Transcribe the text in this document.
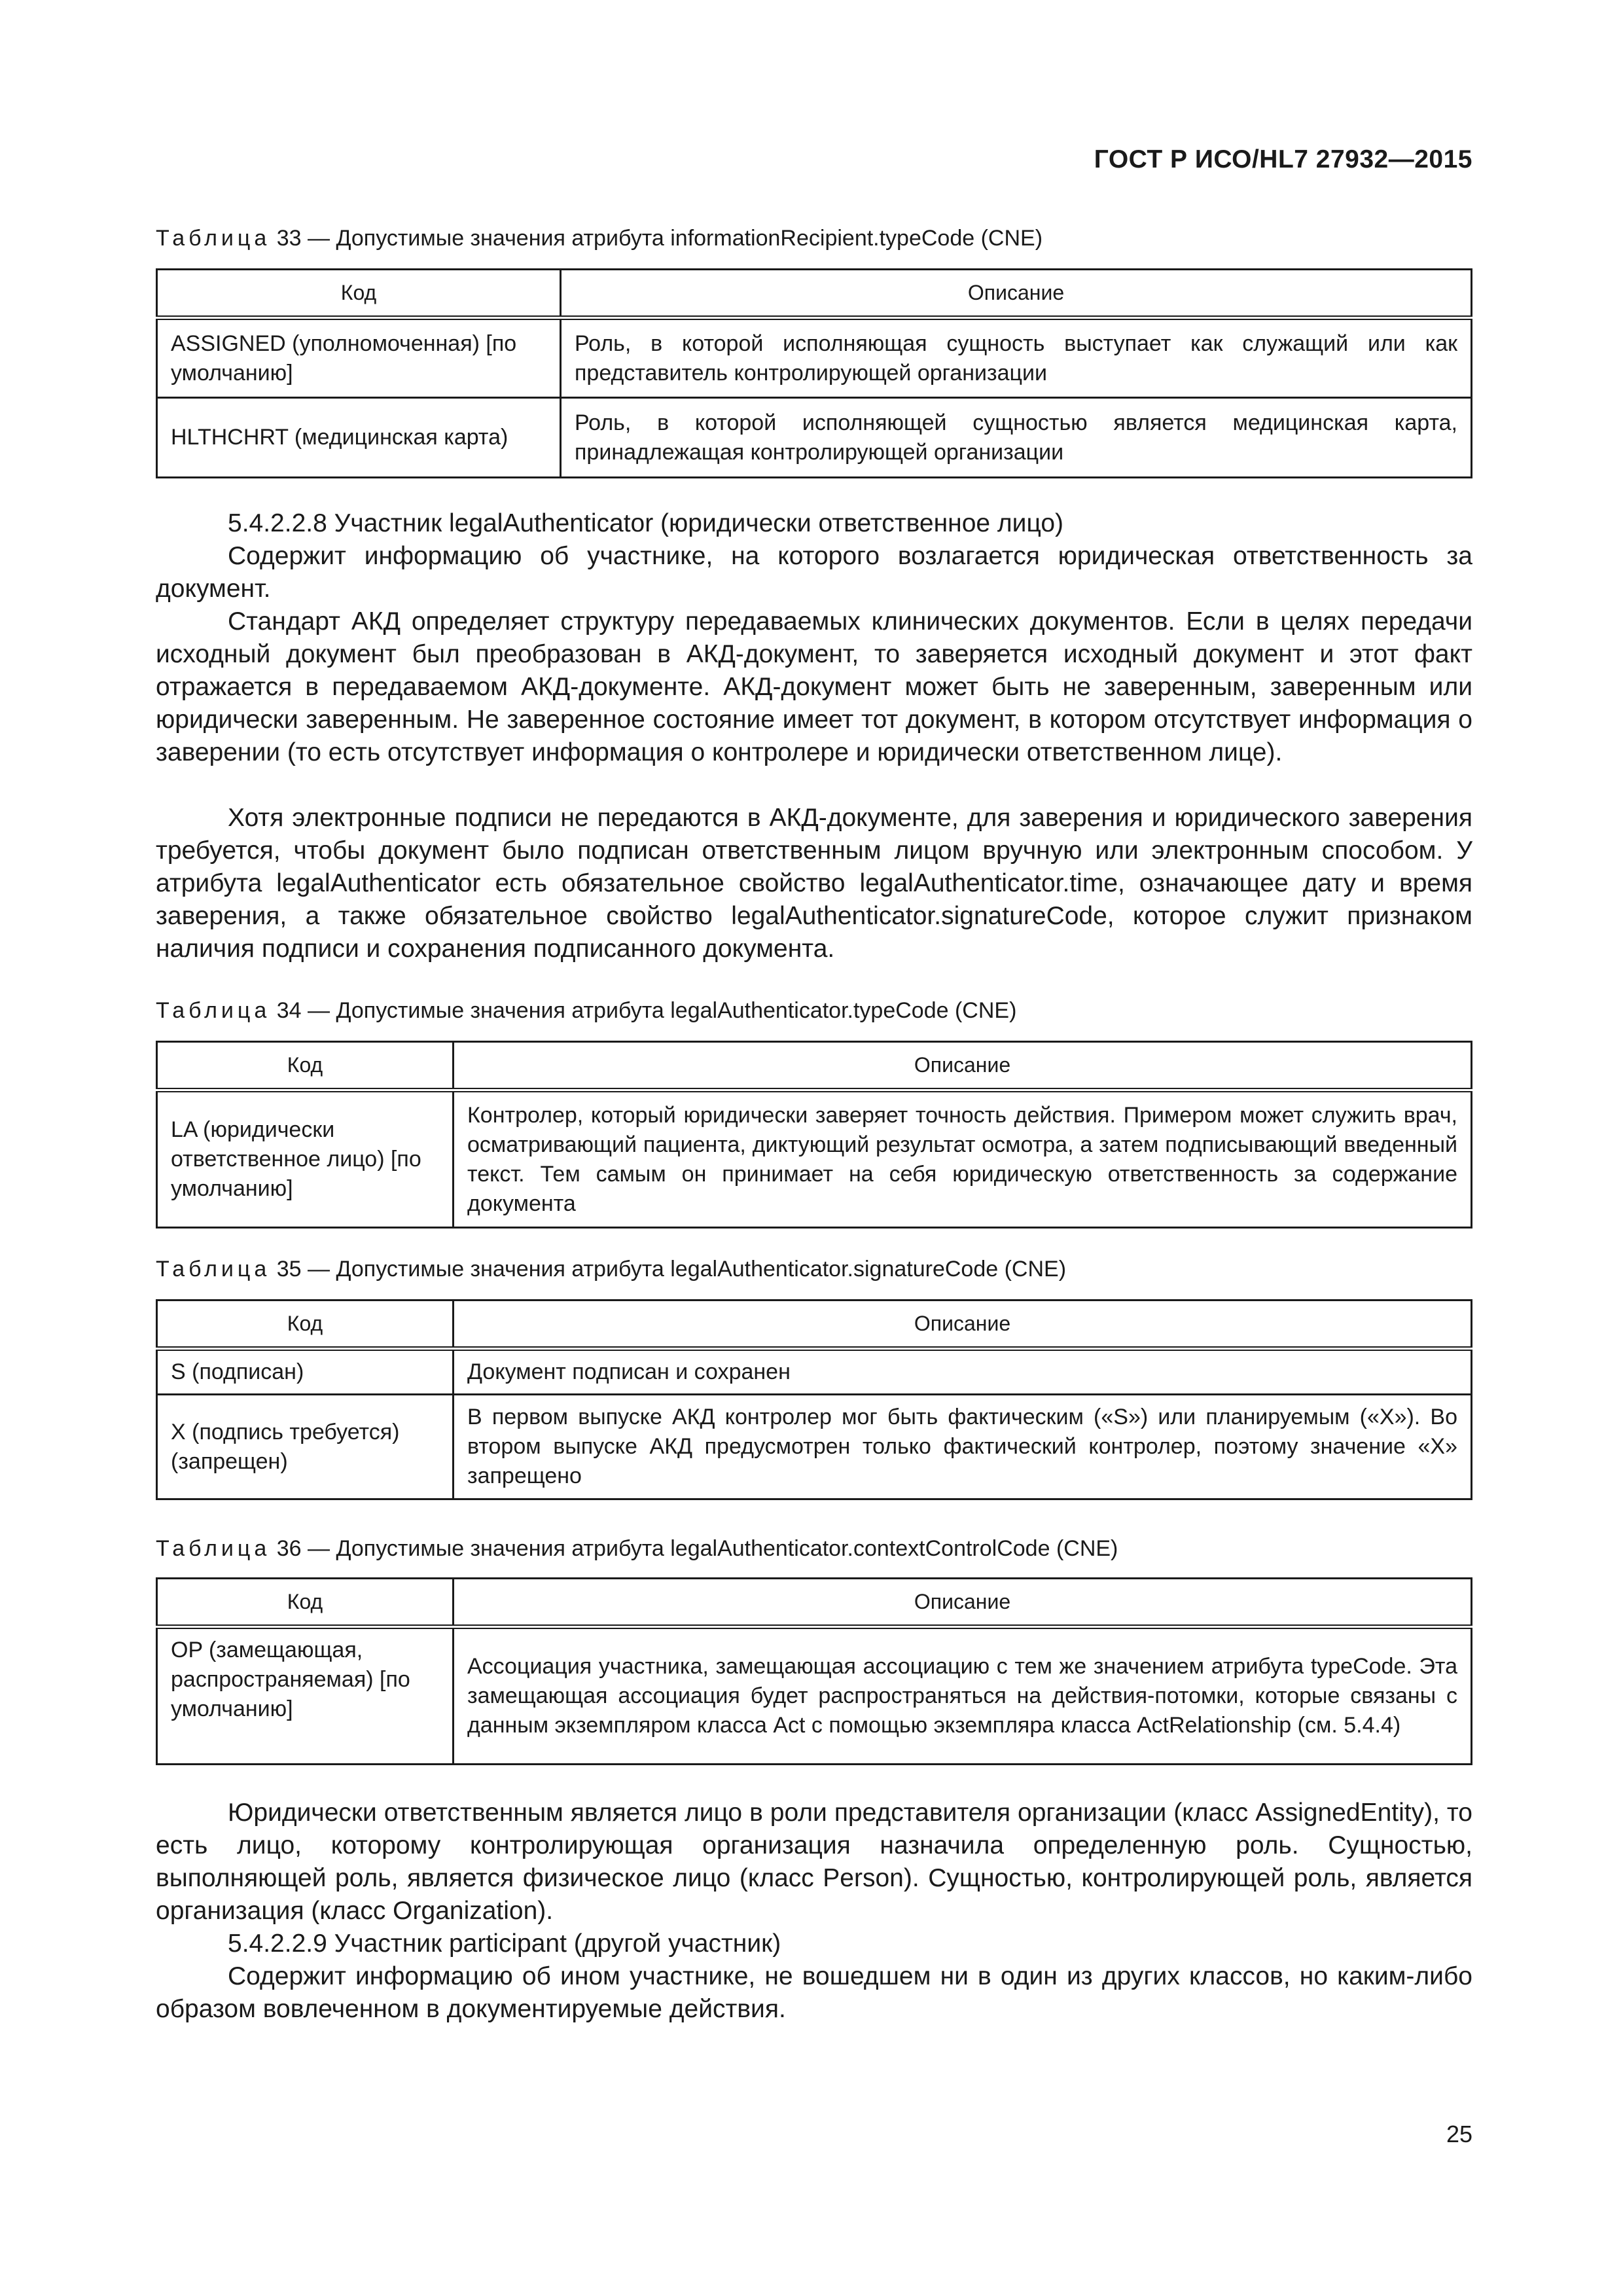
ГОСТ Р ИСО/HL7 27932—2015
Таблица 33 — Допустимые значения атрибута informationRecipient.typeCode (CNE)
Код	Описание
ASSIGNED (уполномоченная) [по умолчанию]	Роль, в которой исполняющая сущность выступает как служащий или как представитель контролирующей организации
HLTHCHRT (медицинская карта)	Роль, в которой исполняющей сущностью является медицинская карта, принадлежащая контролирующей организации
5.4.2.2.8 Участник legalAuthenticator (юридически ответственное лицо)
Содержит информацию об участнике, на которого возлагается юридическая ответственность за документ.
Стандарт АКД определяет структуру передаваемых клинических документов. Если в целях передачи исходный документ был преобразован в АКД-документ, то заверяется исходный документ и этот факт отражается в передаваемом АКД-документе. АКД-документ может быть не заверенным, заверенным или юридически заверенным. Не заверенное состояние имеет тот документ, в котором отсутствует информация о заверении (то есть отсутствует информация о контролере и юридически ответственном лице).
Хотя электронные подписи не передаются в АКД-документе, для заверения и юридического заверения требуется, чтобы документ было подписан ответственным лицом вручную или электронным способом. У атрибута legalAuthenticator есть обязательное свойство legalAuthenticator.time, означающее дату и время заверения, а также обязательное свойство legalAuthenticator.signatureCode, которое служит признаком наличия подписи и сохранения подписанного документа.
Таблица 34 — Допустимые значения атрибута legalAuthenticator.typeCode (CNE)
Код	Описание
LA (юридически ответственное лицо) [по умолчанию]	Контролер, который юридически заверяет точность действия. Примером может служить врач, осматривающий пациента, диктующий результат осмотра, а затем подписывающий введенный текст. Тем самым он принимает на себя юридическую ответственность за содержание документа
Таблица 35 — Допустимые значения атрибута legalAuthenticator.signatureCode (CNE)
Код	Описание
S (подписан)	Документ подписан и сохранен
X (подпись требуется) (запрещен)	В первом выпуске АКД контролер мог быть фактическим («S») или планируемым («X»). Во втором выпуске АКД предусмотрен только фактический контролер, поэтому значение «X» запрещено
Таблица 36 — Допустимые значения атрибута legalAuthenticator.contextControlCode (CNE)
Код	Описание
OP (замещающая, распространяемая) [по умолчанию]	Ассоциация участника, замещающая ассоциацию с тем же значением атрибута typeCode. Эта замещающая ассоциация будет распространяться на действия-потомки, которые связаны с данным экземпляром класса Act с помощью экземпляра класса ActRelationship (см. 5.4.4)
Юридически ответственным является лицо в роли представителя организации (класс AssignedEntity), то есть лицо, которому контролирующая организация назначила определенную роль. Сущностью, выполняющей роль, является физическое лицо (класс Person). Сущностью, контролирующей роль, является организация (класс Organization).
5.4.2.2.9 Участник participant (другой участник)
Содержит информацию об ином участнике, не вошедшем ни в один из других классов, но каким-либо образом вовлеченном в документируемые действия.
25
